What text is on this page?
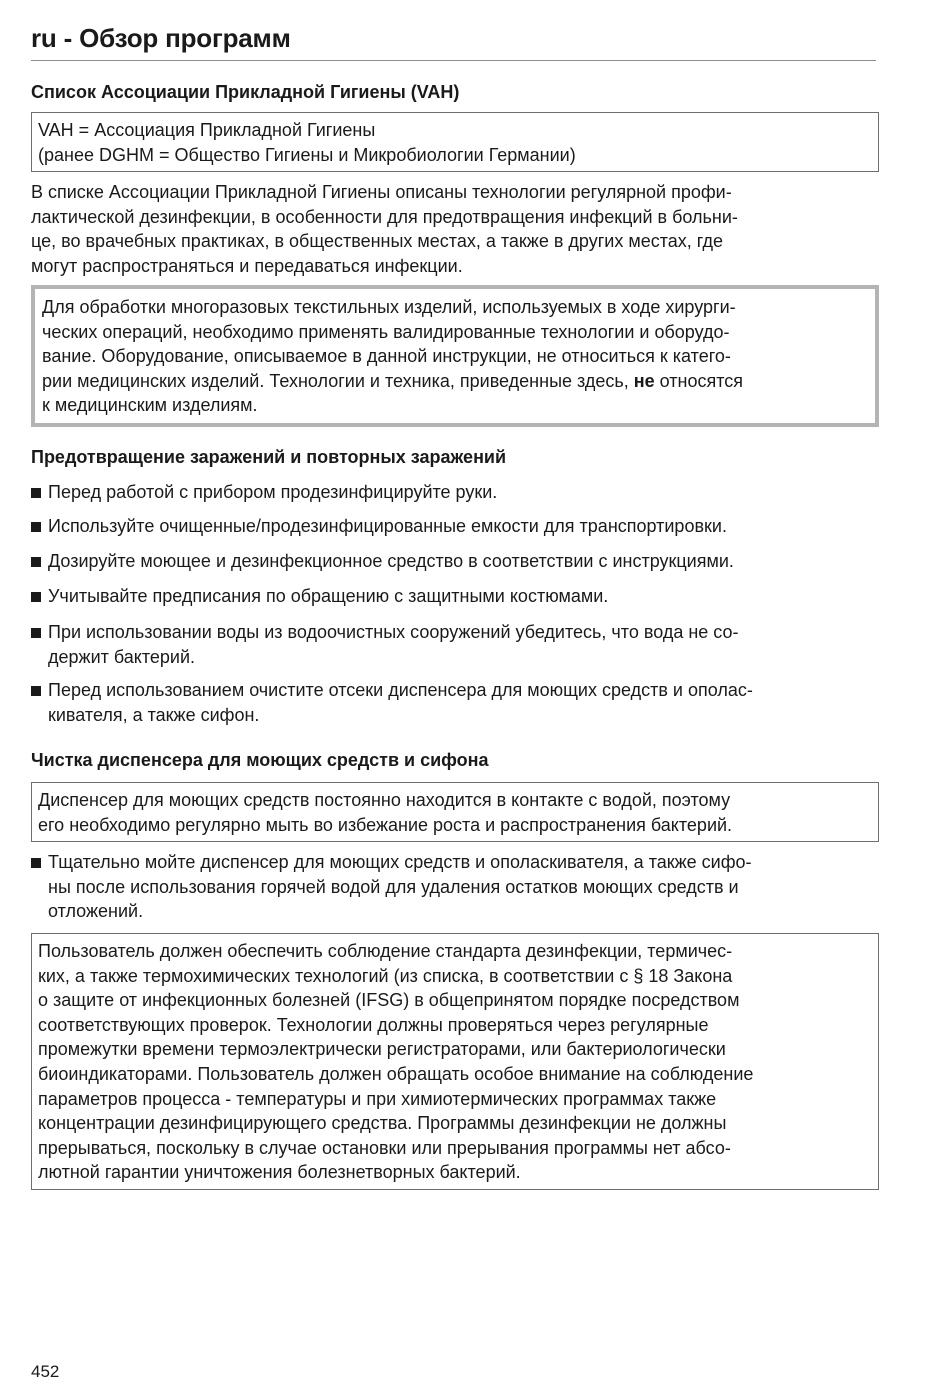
ru - Обзор программ
Список Ассоциации Прикладной Гигиены (VAH)
VAH = Ассоциация Прикладной Гигиены
(ранее DGHM = Общество Гигиены и Микробиологии Германии)
В списке Ассоциации Прикладной Гигиены описаны технологии регулярной профи-
лактической дезинфекции, в особенности для предотвращения инфекций в больни-
це, во врачебных практиках, в общественных местах, а также в других местах, где
могут распространяться и передаваться инфекции.
Для обработки многоразовых текстильных изделий, используемых в ходе хирурги-
ческих операций, необходимо применять валидированные технологии и оборудо-
вание. Оборудование, описываемое в данной инструкции, не относиться к катего-
рии медицинских изделий. Технологии и техника, приведенные здесь, не относятся
к медицинским изделиям.
Предотвращение заражений и повторных заражений
Перед работой с прибором продезинфицируйте руки.
Используйте очищенные/продезинфицированные емкости для транспортировки.
Дозируйте моющее и дезинфекционное средство в соответствии с инструкциями.
Учитывайте предписания по обращению с защитными костюмами.
При использовании воды из водоочистных сооружений убедитесь, что вода не со-
держит бактерий.
Перед использованием очистите отсеки диспенсера для моющих средств и ополас-
кивателя, а также сифон.
Чистка диспенсера для моющих средств и сифона
Диспенсер для моющих средств постоянно находится в контакте с водой, поэтому
его необходимо регулярно мыть во избежание роста и распространения бактерий.
Тщательно мойте диспенсер для моющих средств и ополаскивателя, а также сифо-
ны после использования горячей водой для удаления остатков моющих средств и
отложений.
Пользователь должен обеспечить соблюдение стандарта дезинфекции, термичес-
ких, а также термохимических технологий (из списка, в соответствии с § 18 Закона
о защите от инфекционных болезней (IFSG) в общепринятом порядке посредством
соответствующих проверок. Технологии должны проверяться через регулярные
промежутки времени термоэлектрически регистраторами, или бактериологически
биоиндикаторами. Пользователь должен обращать особое внимание на соблюдение
параметров процесса - температуры и при химиотермических программах также
концентрации дезинфицирующего средства. Программы дезинфекции не должны
прерываться, поскольку в случае остановки или прерывания программы нет абсо-
лютной гарантии уничтожения болезнетворных бактерий.
452
